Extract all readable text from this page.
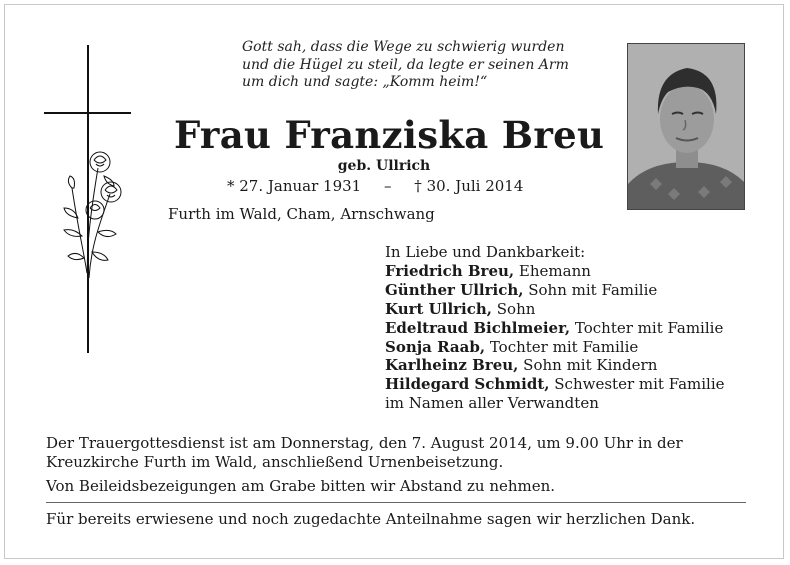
Gott sah, dass die Wege zu schwierig wurden
und die Hügel zu steil, da legte er seinen Arm
um dich und sagte: „Komm heim!“
Frau Franziska Breu
geb. Ullrich
* 27. Januar 1931 – † 30. Juli 2014
Furth im Wald, Cham, Arnschwang
In Liebe und Dankbarkeit:
Friedrich Breu, Ehemann
Günther Ullrich, Sohn mit Familie
Kurt Ullrich, Sohn
Edeltraud Bichlmeier, Tochter mit Familie
Sonja Raab, Tochter mit Familie
Karlheinz Breu, Sohn mit Kindern
Hildegard Schmidt, Schwester mit Familie
im Namen aller Verwandten

Der Trauergottesdienst ist am Donnerstag, den 7. August 2014, um 9.00 Uhr in der Kreuzkirche Furth im Wald, anschließend Urnenbeisetzung.

Von Beileidsbezeigungen am Grabe bitten wir Abstand zu nehmen.
Für bereits erwiesene und noch zugedachte Anteilnahme sagen wir herzlichen Dank.
